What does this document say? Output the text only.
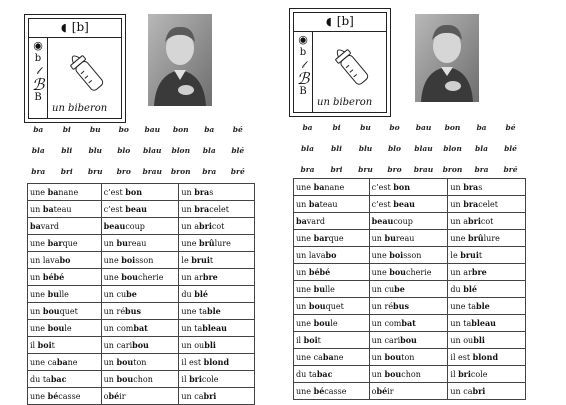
◖ [b]
◉
b
𝓁
ℬ
B
un biberon
ba	bi	bu	bo	bau	bon	ba	bé
bla	bli	blu	blo	blau	blon	bla	blé
bra	bri	bru	bro	brau	bron	bra	bré
une banane	c’est bon	un bras
un bateau	c’est beau	un bracelet
bavard	beaucoup	un abricot
une barque	un bureau	une brûlure
un lavabo	une boisson	le bruit
un bébé	une boucherie	un arbre
une bulle	un cube	du blé
un bouquet	un rébus	une table
une boule	un combat	un tableau
il boit	un caribou	un oubli
une cabane	un bouton	il est blond
du tabac	un bouchon	il bricole
une bécasse	obéir	un cabri
◖ [b]
◉
b
𝓁
ℬ
B
un biberon
ba	bi	bu	bo	bau	bon	ba	bé
bla	bli	blu	blo	blau	blon	bla	blé
bra	bri	bru	bro	brau	bron	bra	bré
une banane	c’est bon	un bras
un bateau	c’est beau	un bracelet
bavard	beaucoup	un abricot
une barque	un bureau	une brûlure
un lavabo	une boisson	le bruit
un bébé	une boucherie	un arbre
une bulle	un cube	du blé
un bouquet	un rébus	une table
une boule	un combat	un tableau
il boit	un caribou	un oubli
une cabane	un bouton	il est blond
du tabac	un bouchon	il bricole
une bécasse	obéir	un cabri
